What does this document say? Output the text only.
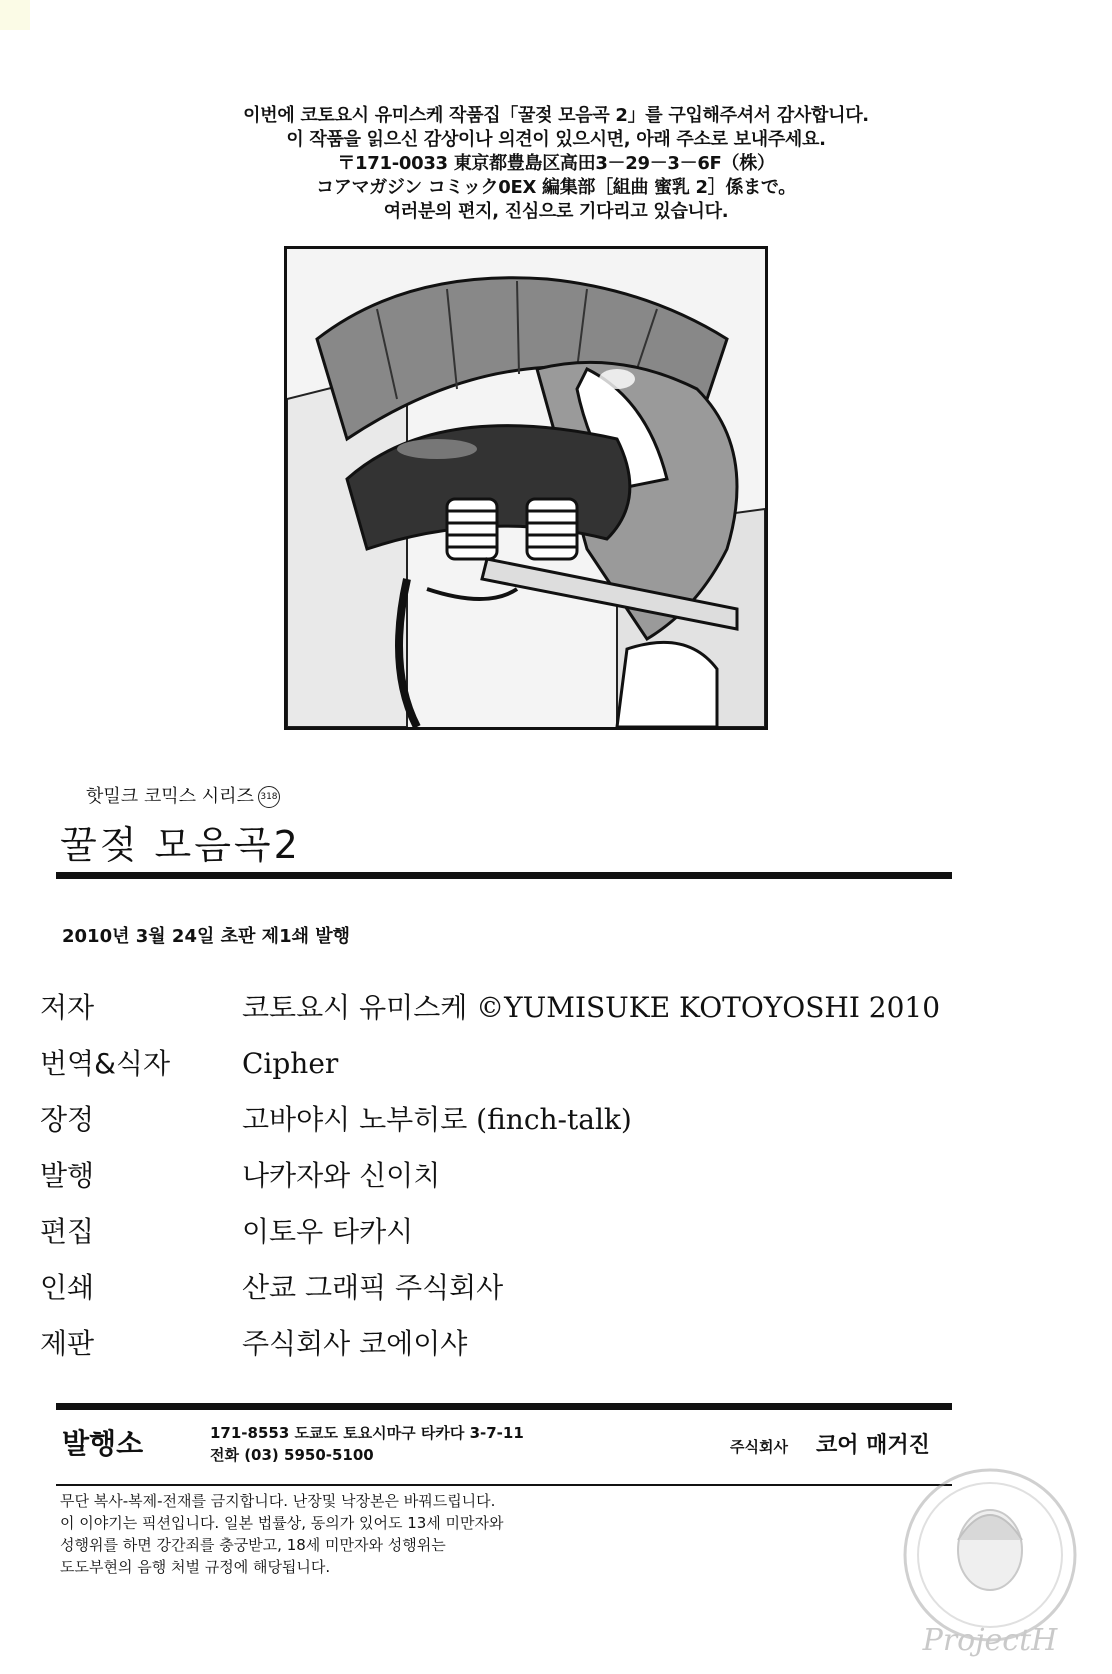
이번에 코토요시 유미스케 작품집「꿀젖 모음곡 2」를 구입해주셔서 감사합니다.
이 작품을 읽으신 감상이나 의견이 있으시면, 아래 주소로 보내주세요.
〒171-0033 東京都豊島区高田3－29－3－6F（株）
コアマガジン コミック0EX 編集部［組曲 蜜乳 2］係まで。
여러분의 편지, 진심으로 기다리고 있습니다.
핫밀크 코믹스 시리즈 318
꿀젖 모음곡2
2010년 3월 24일 초판 제1쇄 발행
저자	코토요시 유미스케 ©YUMISUKE KOTOYOSHI 2010
번역&식자	Cipher
장정	고바야시 노부히로 (finch-talk)
발행	나카자와 신이치
편집	이토우 타카시
인쇄	산쿄 그래픽 주식회사
제판	주식회사 코에이샤
발행소	171-8553 도쿄도 토요시마구 타카다 3-7-11
전화 (03) 5950-5100	주식회사 코어 매거진
무단 복사-복제-전재를 금지합니다. 난장및 낙장본은 바꿔드립니다.
이 이야기는 픽션입니다. 일본 법률상, 동의가 있어도 13세 미만자와
성행위를 하면 강간죄를 충궁받고, 18세 미만자와 성행위는
도도부현의 음행 처벌 규정에 해당됩니다.
ProjectH
